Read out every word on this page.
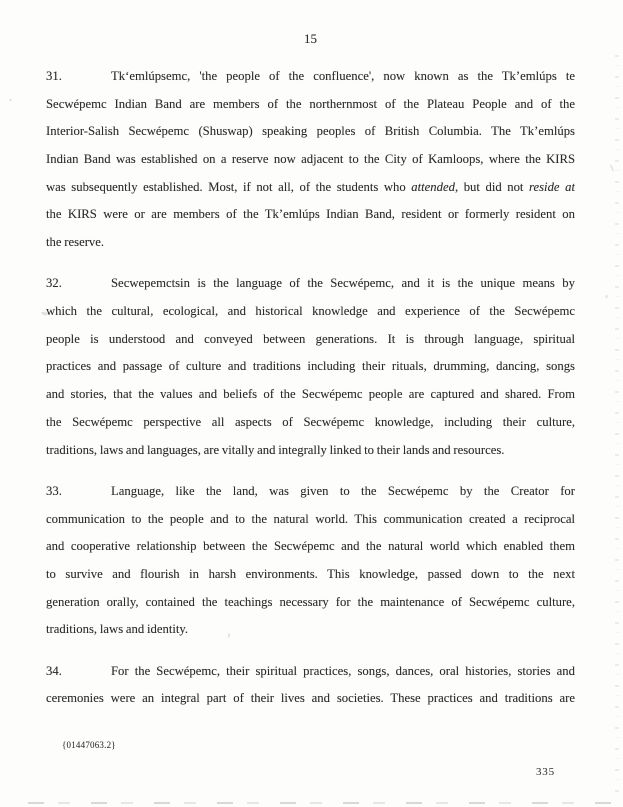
15
31.	Tk‘emlúpsemc, 'the people of the confluence', now known as the Tk’emlúps te
Secwépemc Indian Band are members of the northernmost of the Plateau People and of the
Interior-Salish Secwépemc (Shuswap) speaking peoples of British Columbia. The Tk’emlúps
Indian Band was established on a reserve now adjacent to the City of Kamloops, where the KIRS
was subsequently established. Most, if not all, of the students who attended, but did not reside at
the KIRS were or are members of the Tk’emlúps Indian Band, resident or formerly resident on
the reserve.
32.	Secwepemctsin is the language of the Secwépemc, and it is the unique means by
which the cultural, ecological, and historical knowledge and experience of the Secwépemc
people is understood and conveyed between generations. It is through language, spiritual
practices and passage of culture and traditions including their rituals, drumming, dancing, songs
and stories, that the values and beliefs of the Secwépemc people are captured and shared. From
the Secwépemc perspective all aspects of Secwépemc knowledge, including their culture,
traditions, laws and languages, are vitally and integrally linked to their lands and resources.
33.	Language, like the land, was given to the Secwépemc by the Creator for
communication to the people and to the natural world. This communication created a reciprocal
and cooperative relationship between the Secwépemc and the natural world which enabled them
to survive and flourish in harsh environments. This knowledge, passed down to the next
generation orally, contained the teachings necessary for the maintenance of Secwépemc culture,
traditions, laws and identity.
34.	For the Secwépemc, their spiritual practices, songs, dances, oral histories, stories and
ceremonies were an integral part of their lives and societies. These practices and traditions are
{01447063.2}
335
